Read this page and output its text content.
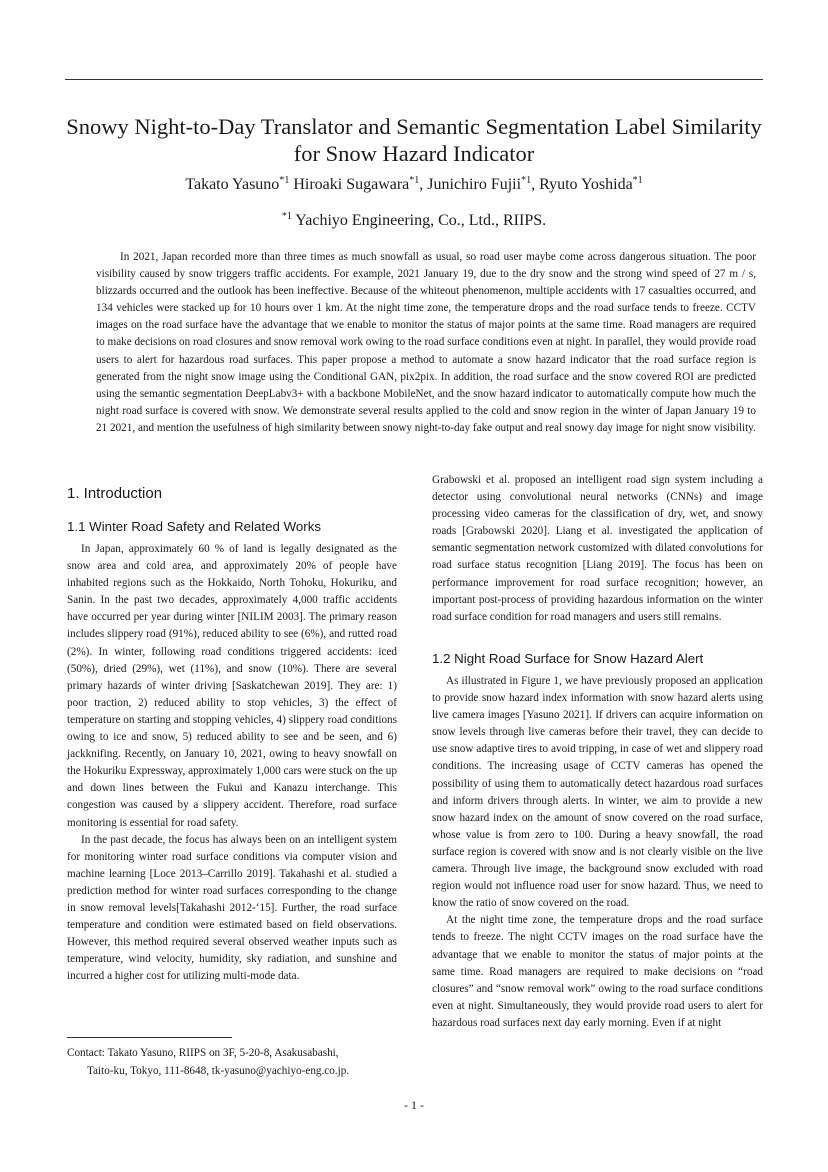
Snowy Night-to-Day Translator and Semantic Segmentation Label Similarity
for Snow Hazard Indicator
Takato Yasuno$^{*1}$ Hiroaki Sugawara$^{*1}$, Junichiro Fujii$^{*1}$, Ryuto Yoshida$^{*1}$
$^{*1}$ Yachiyo Engineering, Co., Ltd., RIIPS.

In 2021, Japan recorded more than three times as much snowfall as usual, so road user maybe come across dangerous situation. The poor visibility caused by snow triggers traffic accidents. For example, 2021 January 19, due to the dry snow and the strong wind speed of 27 m / s, blizzards occurred and the outlook has been ineffective. Because of the whiteout phenomenon, multiple accidents with 17 casualties occurred, and 134 vehicles were stacked up for 10 hours over 1 km. At the night time zone, the temperature drops and the road surface tends to freeze. CCTV images on the road surface have the advantage that we enable to monitor the status of major points at the same time. Road managers are required to make decisions on road closures and snow removal work owing to the road surface conditions even at night. In parallel, they would provide road users to alert for hazardous road surfaces. This paper propose a method to automate a snow hazard indicator that the road surface region is generated from the night snow image using the Conditional GAN, pix2pix. In addition, the road surface and the snow covered ROI are predicted using the semantic segmentation DeepLabv3+ with a backbone MobileNet, and the snow hazard indicator to automatically compute how much the night road surface is covered with snow. We demonstrate several results applied to the cold and snow region in the winter of Japan January 19 to 21 2021, and mention the usefulness of high similarity between snowy night-to-day fake output and real snowy day image for night snow visibility.

1. Introduction
1.1 Winter Road Safety and Related Works

In Japan, approximately 60 % of land is legally designated as the snow area and cold area, and approximately 20% of people have inhabited regions such as the Hokkaido, North Tohoku, Hokuriku, and Sanin. In the past two decades, approximately 4,000 traffic accidents have occurred per year during winter [NILIM 2003]. The primary reason includes slippery road (91%), reduced ability to see (6%), and rutted road (2%). In winter, following road conditions triggered accidents: iced (50%), dried (29%), wet (11%), and snow (10%). There are several primary hazards of winter driving [Saskatchewan 2019]. They are: 1) poor traction, 2) reduced ability to stop vehicles, 3) the effect of temperature on starting and stopping vehicles, 4) slippery road conditions owing to ice and snow, 5) reduced ability to see and be seen, and 6) jackknifing. Recently, on January 10, 2021, owing to heavy snowfall on the Hokuriku Expressway, approximately 1,000 cars were stuck on the up and down lines between the Fukui and Kanazu interchange. This congestion was caused by a slippery accident. Therefore, road surface monitoring is essential for road safety.

In the past decade, the focus has always been on an intelligent system for monitoring winter road surface conditions via computer vision and machine learning [Loce 2013–Carrillo 2019]. Takahashi et al. studied a prediction method for winter road surfaces corresponding to the change in snow removal levels[Takahashi 2012-‘15]. Further, the road surface temperature and condition were estimated based on field observations. However, this method required several observed weather inputs such as temperature, wind velocity, humidity, sky radiation, and sunshine and incurred a higher cost for utilizing multi-mode data.

Contact: Takato Yasuno, RIIPS on 3F, 5-20-8, Asakusabashi,
Taito-ku, Tokyo, 111-8648, tk-yasuno@yachiyo-eng.co.jp.

Grabowski et al. proposed an intelligent road sign system including a detector using convolutional neural networks (CNNs) and image processing video cameras for the classification of dry, wet, and snowy roads [Grabowski 2020]. Liang et al. investigated the application of semantic segmentation network customized with dilated convolutions for road surface status recognition [Liang 2019]. The focus has been on performance improvement for road surface recognition; however, an important post-process of providing hazardous information on the winter road surface condition for road managers and users still remains.

1.2 Night Road Surface for Snow Hazard Alert

As illustrated in Figure 1, we have previously proposed an application to provide snow hazard index information with snow hazard alerts using live camera images [Yasuno 2021]. If drivers can acquire information on snow levels through live cameras before their travel, they can decide to use snow adaptive tires to avoid tripping, in case of wet and slippery road conditions. The increasing usage of CCTV cameras has opened the possibility of using them to automatically detect hazardous road surfaces and inform drivers through alerts. In winter, we aim to provide a new snow hazard index on the amount of snow covered on the road surface, whose value is from zero to 100. During a heavy snowfall, the road surface region is covered with snow and is not clearly visible on the live camera. Through live image, the background snow excluded with road region would not influence road user for snow hazard. Thus, we need to know the ratio of snow covered on the road.

At the night time zone, the temperature drops and the road surface tends to freeze. The night CCTV images on the road surface have the advantage that we enable to monitor the status of major points at the same time. Road managers are required to make decisions on “road closures” and “snow removal work” owing to the road surface conditions even at night. Simultaneously, they would provide road users to alert for hazardous road surfaces next day early morning. Even if at night

- 1 -
